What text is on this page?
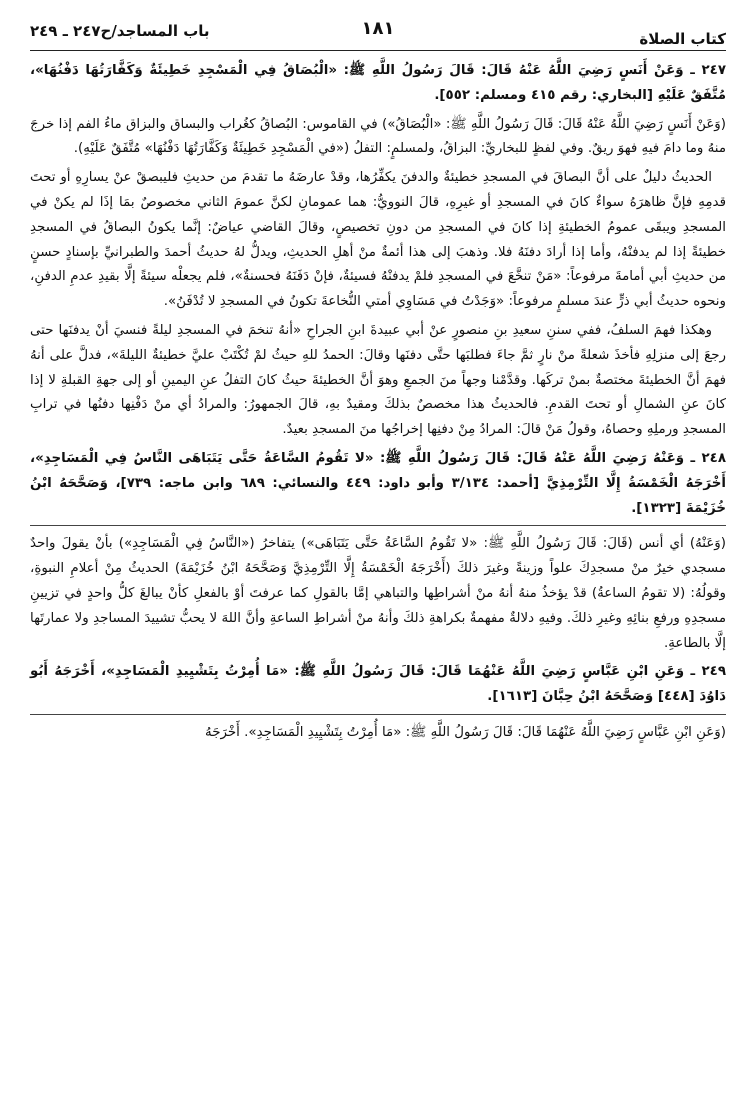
كتاب الصلاة
١٨١
باب المساجد/ح٢٤٧ ـ ٢٤٩

٢٤٧ ـ وَعَنْ أَنَسٍ رَضِيَ اللَّهُ عَنْهُ قَالَ: قَالَ رَسُولُ اللَّهِ ﷺ: «الْبُصَاقُ فِي الْمَسْجِدِ خَطِيئَةٌ وَكَفَّارَتُهَا دَفْنُهَا»، مُتَّفَقٌ عَلَيْهِ [البخاري: رقم ٤١٥ ومسلم: ٥٥٢].

(وَعَنْ أَنَسٍ رَضِيَ اللَّهُ عَنْهُ قَالَ: قَالَ رَسُولُ اللَّهِ ﷺ: «الْبُصَاقُ») في القاموس: البُصاقُ كغُراب والبساق والبزاق ماءُ الفم إذا خرجَ منهُ وما دامَ فيهِ فهوَ ريقٌ. وفي لفظٍ للبخاريِّ: البزاقُ، ولمسلمٍ: التفلُ («في الْمَسْجِدِ خَطِيئَةٌ وَكَفَّارَتُهَا دَفْنُهَا» مُتَّفَقٌ عَلَيْهِ).

الحديثُ دليلٌ على أنَّ البصاقَ في المسجدِ خطيئةٌ والدفنَ يكفِّرُها، وقدْ عارضَهُ ما تقدمَ من حديثِ فليبصقْ عنْ يسارِهِ أو تحتَ قدمِهِ فإنَّ ظاهرَهُ سواءٌ كانَ في المسجدِ أو غيرِهِ، قالَ النوويُّ: هما عمومانِ لكنَّ عمومَ الثاني مخصوصٌ بمَا إذَا لم يكنْ في المسجدِ ويبقَى عمومُ الخطيئةِ إذا كانَ في المسجدِ من دونِ تخصيصٍ، وقالَ القاضي عياضٌ: إنَّما يكونُ البصاقُ في المسجدِ خطيئةً إذا لم يدفنْهُ، وأما إذا أرادَ دفنَهُ فلا. وذهبَ إلى هذا أئمةٌ منْ أهلِ الحديثِ، ويدلُّ لهُ حديثُ أحمدَ والطبرانيِّ بإسنادٍ حسنٍ من حديثِ أبي أمامةَ مرفوعاً: «مَنْ تنخَّعَ في المسجدِ فلمْ يدفنْهُ فسيئةٌ، فإنْ دَفَنَهُ فحسنةٌ»، فلم يجعلْه سيئةً إلَّا بقيدِ عدمِ الدفنِ، ونحوه حديثُ أبي ذرٍّ عندَ مسلمٍ مرفوعاً: «وَجَدْتُ في مَسَاوِي أمتي النُّخاعةَ تكونُ في المسجدِ لا تُدْفَنُ».

وهكذا فهمَ السلفُ، ففي سننِ سعيدِ بنِ منصورٍ عنْ أبي عبيدةَ ابنِ الجراحِ «أنهُ تنخمَ في المسجدِ ليلةً فنسيَ أنْ يدفنَها حتى رجعَ إلى منزلِهِ فأخذَ شعلةً منْ نارٍ ثمَّ جاءَ فطلبَها حتَّى دفنَها وقالَ: الحمدُ للهِ حيثُ لمْ تُكْتَبْ عليَّ خطيئةٌ الليلةَ»، فدلَّ على أنهُ فهمَ أنَّ الخطيئةَ مختصةٌ بمنْ تركَها. وقدَّمْنا وجهاً منَ الجمعِ وهوَ أنَّ الخطيئةَ حيثُ كانَ التفلُ عنِ اليمينِ أو إلى جهةِ القبلةِ لا إذا كانَ عنِ الشمالِ أو تحتَ القدمِ. فالحديثُ هذا مخصصٌ بذلكَ ومقيدٌ بهِ، قالَ الجمهورُ: والمرادُ أي منْ دَفْنِها دفنُها في ترابِ المسجدِ ورملِهِ وحصاهُ، وقولُ مَنْ قالَ: المرادُ مِنْ دفنِها إخراجُها منَ المسجدِ بعيدٌ.

٢٤٨ ـ وَعَنْهُ رَضِيَ اللَّهُ عَنْهُ قَالَ: قَالَ رَسُولُ اللَّهِ ﷺ: «لا تَقُومُ السَّاعَةُ حَتَّى يَتَبَاهَى النَّاسُ فِي الْمَسَاجِدِ»، أَخْرَجَهُ الْخَمْسَةُ إِلَّا التِّرْمِذِيَّ [أحمد: ٣/١٣٤ وأبو داود: ٤٤٩ والنسائي: ٦٨٩ وابن ماجه: ٧٣٩]، وَصَحَّحَهُ ابْنُ خُزَيْمَةَ [١٣٢٣].

(وَعَنْهُ) أي أنس (قَالَ: قَالَ رَسُولُ اللَّهِ ﷺ: «لا تَقُومُ السَّاعَةُ حَتَّى يَتَبَاهَى») يتفاخرُ («النَّاسُ فِي الْمَسَاجِدِ») بأنْ يقولَ واحدٌ مسجدي خيرٌ منْ مسجدِكَ علواً وزينةً وغيرَ ذلكَ (أَخْرَجَهُ الْخَمْسَةُ إِلَّا التِّرْمِذِيَّ وَصَحَّحَهُ ابْنُ خُزَيْمَةَ) الحديثُ مِنْ أعلامِ النبوةِ، وقولُهُ: (لا تقومُ الساعةُ) قدْ يؤخذُ منهُ أنهُ منْ أشراطِها والتباهي إمَّا بالقولِ كما عرفتَ أوْ بالفعلِ كأنْ يبالغَ كلُّ واحدٍ في تزيينِ مسجدِهِ ورفعِ بنائِهِ وغيرِ ذلكَ. وفيهِ دلالةٌ مفهمةٌ بكراهةِ ذلكَ وأنهُ منْ أشراطِ الساعةِ وأنَّ اللهَ لا يحبُّ تشييدَ المساجدِ ولا عمارتَها إلَّا بالطاعةِ.

٢٤٩ ـ وَعَنِ ابْنِ عَبَّاسٍ رَضِيَ اللَّهُ عَنْهُمَا قَالَ: قَالَ رَسُولُ اللَّهِ ﷺ: «مَا أُمِرْتُ بِتَشْيِيدِ الْمَسَاجِدِ»، أَخْرَجَهُ أَبُو دَاوُدَ [٤٤٨] وَصَحَّحَهُ ابْنُ حِبَّانَ [١٦١٣].

(وَعَنِ ابْنِ عَبَّاسٍ رَضِيَ اللَّهُ عَنْهُمَا قَالَ: قَالَ رَسُولُ اللَّهِ ﷺ: «مَا أُمِرْتُ بِتَشْيِيدِ الْمَسَاجِدِ». أَخْرَجَهُ
